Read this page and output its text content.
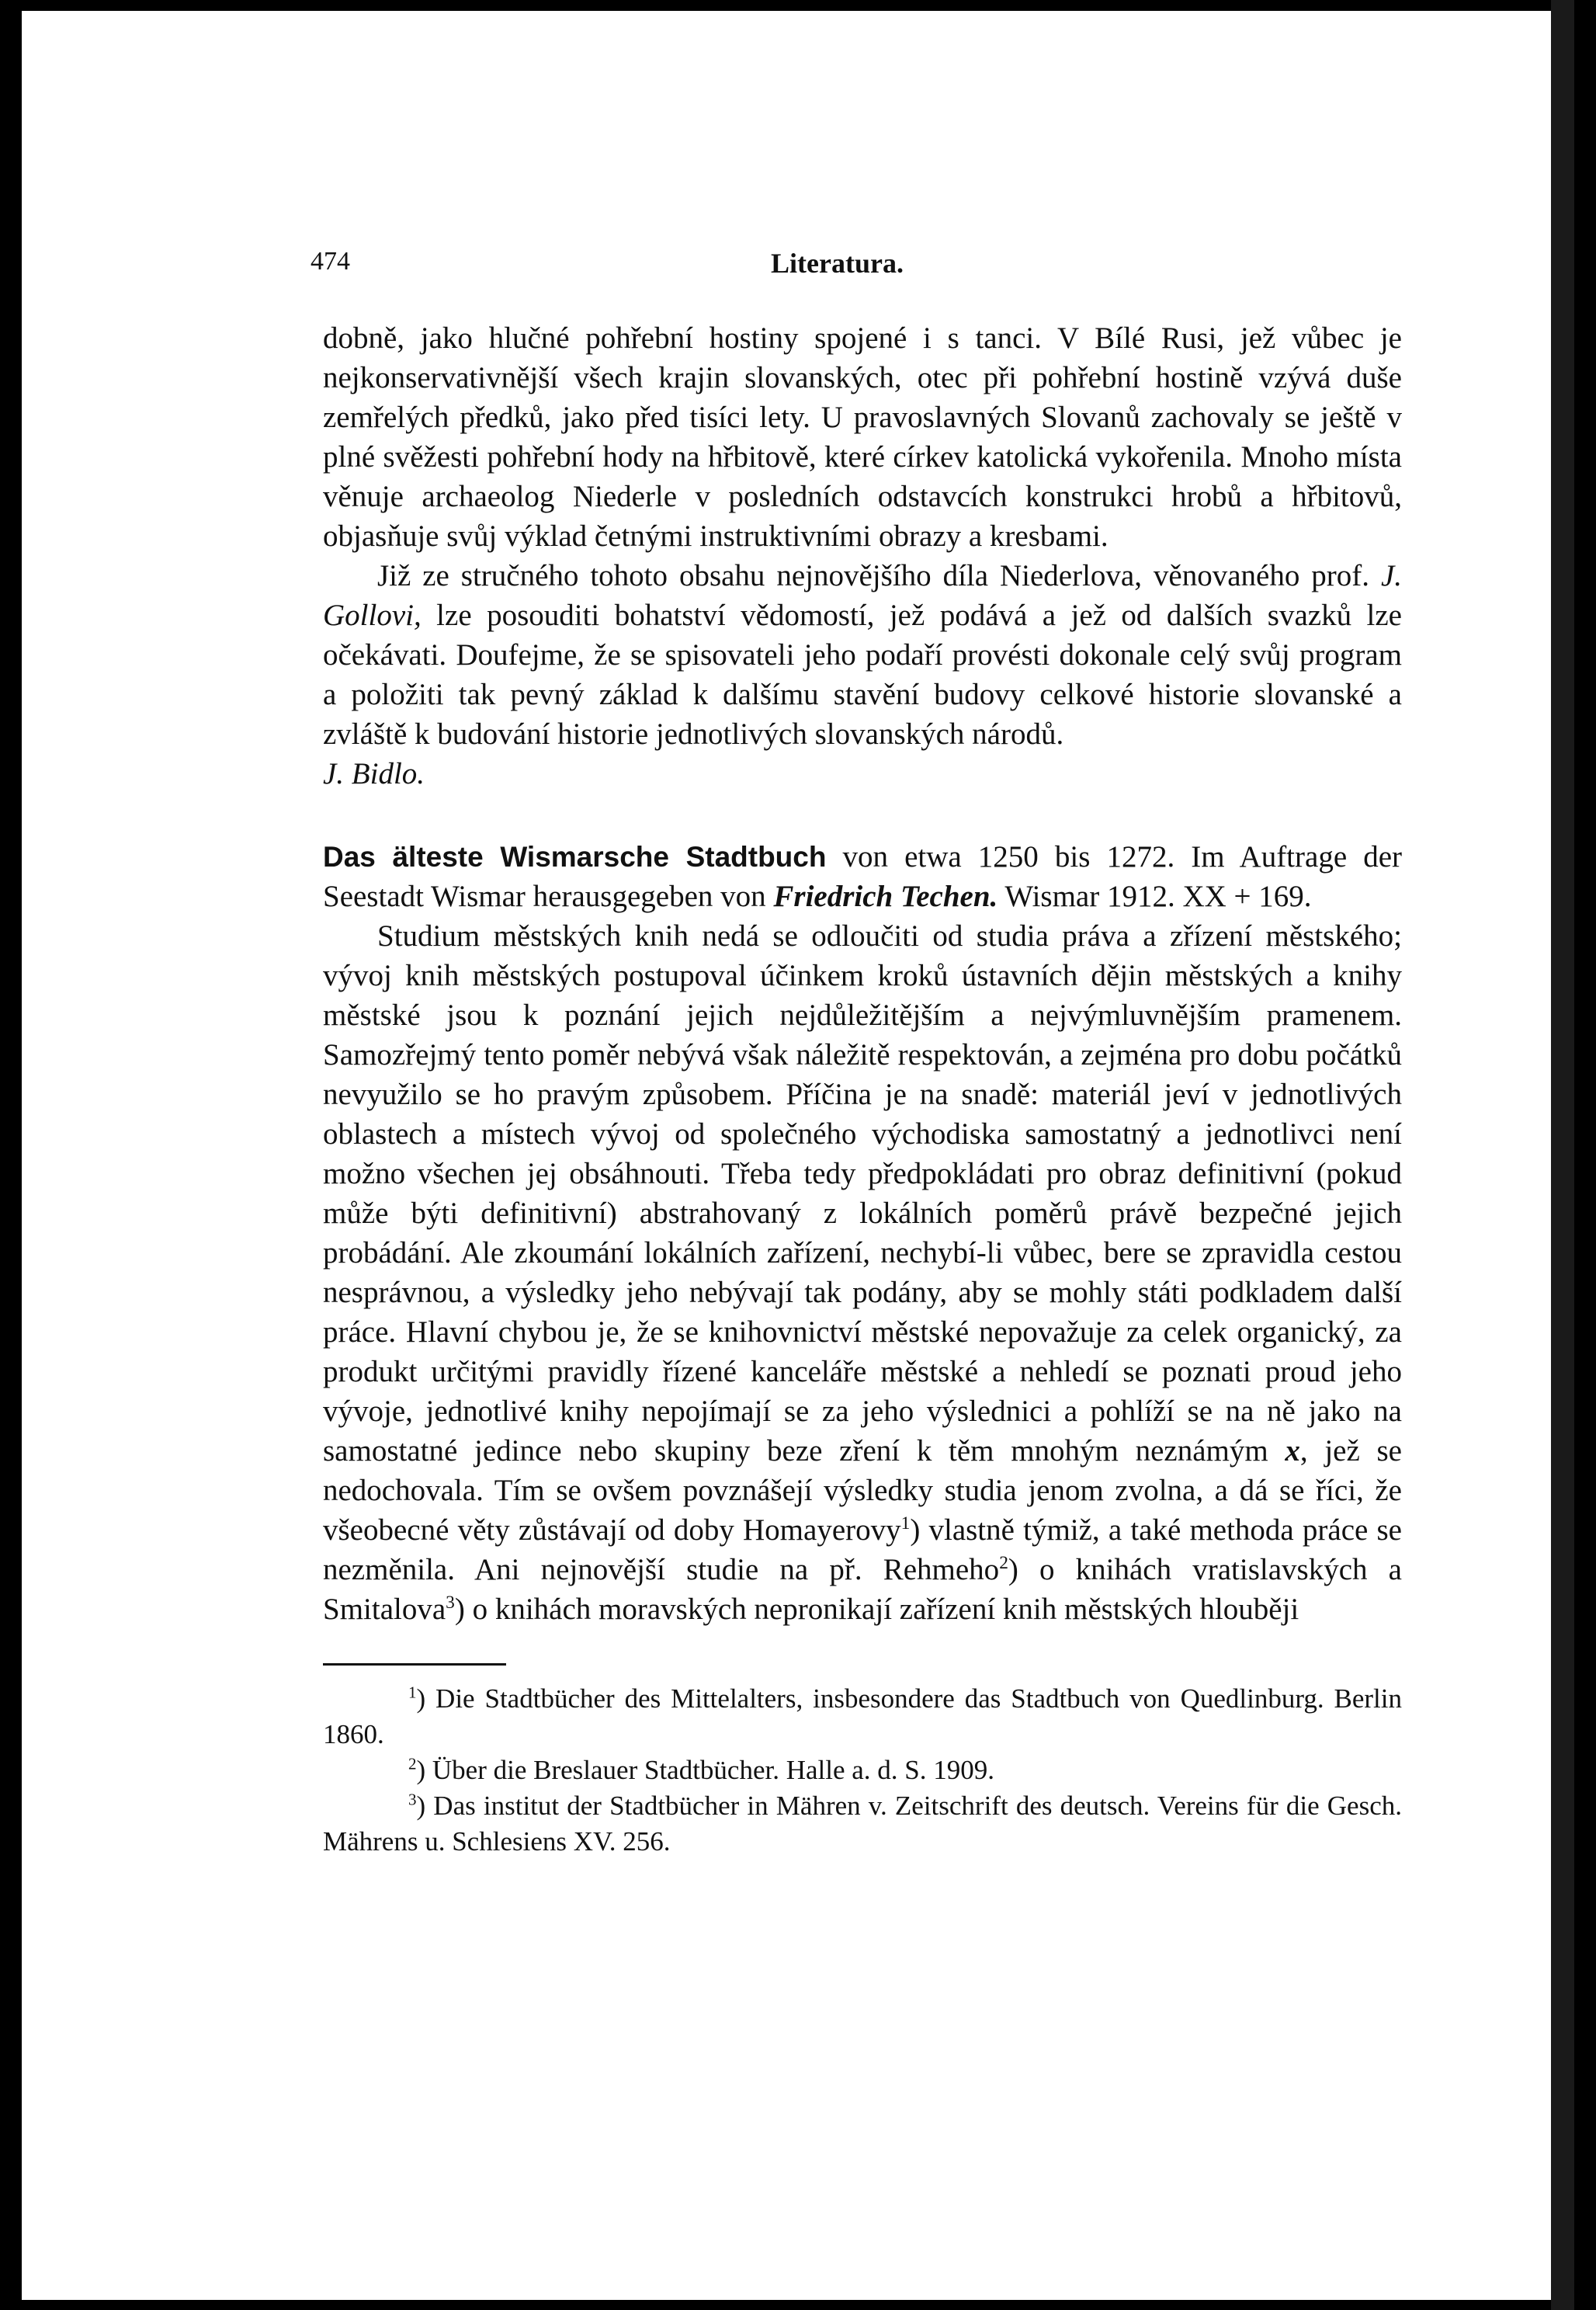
474	Literatura.

dobně, jako hlučné pohřební hostiny spojené i s tanci. V Bílé Rusi, jež vůbec je nejkonservativnější všech krajin slovanských, otec při pohřební hostině vzývá duše zemřelých předků, jako před tisíci lety. U pravoslavných Slovanů zachovaly se ještě v plné svěžesti pohřební hody na hřbitově, které církev katolická vykořenila. Mnoho místa věnuje archaeolog Niederle v posledních odstavcích konstrukci hrobů a hřbitovů, objasňuje svůj výklad četnými instruktivními obrazy a kresbami.

Již ze stručného tohoto obsahu nejnovějšího díla Niederlova, věnovaného prof. J. Gollovi, lze posouditi bohatství vědomostí, jež podává a jež od dalších svazků lze očekávati. Doufejme, že se spisovateli jeho podaří provésti dokonale celý svůj program a položiti tak pevný základ k dalšímu stavění budovy celkové historie slovanské a zvláště k budování historie jednotlivých slovanských národů.

J. Bidlo.

Das älteste Wismarsche Stadtbuch von etwa 1250 bis 1272. Im Auftrage der Seestadt Wismar herausgegeben von Friedrich Techen. Wismar 1912. XX + 169.

Studium městských knih nedá se odloučiti od studia práva a zřízení městského; vývoj knih městských postupoval účinkem kroků ústavních dějin městských a knihy městské jsou k poznání jejich nejdůležitějším a nejvýmluvnějším pramenem. Samozřejmý tento poměr nebývá však náležitě respektován, a zejména pro dobu počátků nevyužilo se ho pravým způsobem. Příčina je na snadě: materiál jeví v jednotlivých oblastech a místech vývoj od společného východiska samostatný a jednotlivci není možno všechen jej obsáhnouti. Třeba tedy předpokládati pro obraz definitivní (pokud může býti definitivní) abstrahovaný z lokálních poměrů právě bezpečné jejich probádání. Ale zkoumání lokálních zařízení, nechybí-li vůbec, bere se zpravidla cestou nesprávnou, a výsledky jeho nebývají tak podány, aby se mohly státi podkladem další práce. Hlavní chybou je, že se knihovnictví městské nepovažuje za celek organický, za produkt určitými pravidly řízené kanceláře městské a nehledí se poznati proud jeho vývoje, jednotlivé knihy nepojímají se za jeho výslednici a pohlíží se na ně jako na samostatné jedince nebo skupiny beze zření k těm mnohým neznámým x, jež se nedochovala. Tím se ovšem povznášejí výsledky studia jenom zvolna, a dá se říci, že všeobecné věty zůstávají od doby Homayerovy$^1$) vlastně týmiž, a také methoda práce se nezměnila. Ani nejnovější studie na př. Rehmeho$^2$) o knihách vratislavských a Smitalova$^3$) o knihách moravských nepronikají zařízení knih městských hlouběji

$^1$) Die Stadtbücher des Mittelalters, insbesondere das Stadtbuch von Quedlinburg. Berlin 1860.

$^2$) Über die Breslauer Stadtbücher. Halle a. d. S. 1909.

$^3$) Das institut der Stadtbücher in Mähren v. Zeitschrift des deutsch. Vereins für die Gesch. Mährens u. Schlesiens XV. 256.
